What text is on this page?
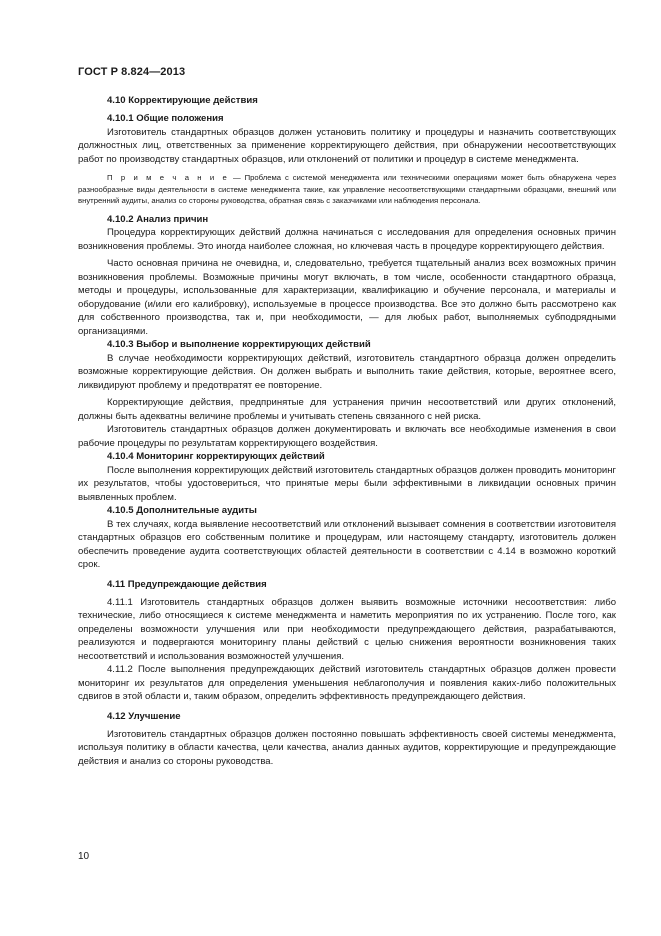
ГОСТ Р 8.824—2013

4.10 Корректирующие действия

4.10.1 Общие положения

Изготовитель стандартных образцов должен установить политику и процедуры и назначить соответствующих должностных лиц, ответственных за применение корректирующего действия, при обнаружении несоответствующих работ по производству стандартных образцов, или отклонений от политики и процедур в системе менеджмента.

П р и м е ч а н и е — Проблема с системой менеджмента или техническими операциями может быть обнаружена через разнообразные виды деятельности в системе менеджмента такие, как управление несоответствующими стандартными образцами, внешний или внутренний аудиты, анализ со стороны руководства, обратная связь с заказчиками или наблюдения персонала.

4.10.2 Анализ причин

Процедура корректирующих действий должна начинаться с исследования для определения основных причин возникновения проблемы. Это иногда наиболее сложная, но ключевая часть в процедуре корректирующего действия.

Часто основная причина не очевидна, и, следовательно, требуется тщательный анализ всех возможных причин возникновения проблемы. Возможные причины могут включать, в том числе, особенности стандартного образца, методы и процедуры, использованные для характеризации, квалификацию и обучение персонала, и материалы и оборудование (и/или его калибровку), используемые в процессе производства. Все это должно быть рассмотрено как для собственного производства, так и, при необходимости, — для любых работ, выполняемых субподрядными организациями.

4.10.3 Выбор и выполнение корректирующих действий

В случае необходимости корректирующих действий, изготовитель стандартного образца должен определить возможные корректирующие действия. Он должен выбрать и выполнить такие действия, которые, вероятнее всего, ликвидируют проблему и предотвратят ее повторение.

Корректирующие действия, предпринятые для устранения причин несоответствий или других отклонений, должны быть адекватны величине проблемы и учитывать степень связанного с ней риска.

Изготовитель стандартных образцов должен документировать и включать все необходимые изменения в свои рабочие процедуры по результатам корректирующего воздействия.

4.10.4 Мониторинг корректирующих действий

После выполнения корректирующих действий изготовитель стандартных образцов должен проводить мониторинг их результатов, чтобы удостовериться, что принятые меры были эффективными в ликвидации основных причин выявленных проблем.

4.10.5 Дополнительные аудиты

В тех случаях, когда выявление несоответствий или отклонений вызывает сомнения в соответствии изготовителя стандартных образцов его собственным политике и процедурам, или настоящему стандарту, изготовитель должен обеспечить проведение аудита соответствующих областей деятельности в соответствии с 4.14 в возможно короткий срок.

4.11 Предупреждающие действия

4.11.1 Изготовитель стандартных образцов должен выявить возможные источники несоответствия: либо технические, либо относящиеся к системе менеджмента и наметить мероприятия по их устранению. После того, как определены возможности улучшения или при необходимости предупреждающего действия, разрабатываются, реализуются и подвергаются мониторингу планы действий с целью снижения вероятности возникновения таких несоответствий и использования возможностей улучшения.

4.11.2 После выполнения предупреждающих действий изготовитель стандартных образцов должен провести мониторинг их результатов для определения уменьшения неблагополучия и появления каких-либо положительных сдвигов в этой области и, таким образом, определить эффективность предупреждающего действия.

4.12 Улучшение

Изготовитель стандартных образцов должен постоянно повышать эффективность своей системы менеджмента, используя политику в области качества, цели качества, анализ данных аудитов, корректирующие и предупреждающие действия и анализ со стороны руководства.

10
